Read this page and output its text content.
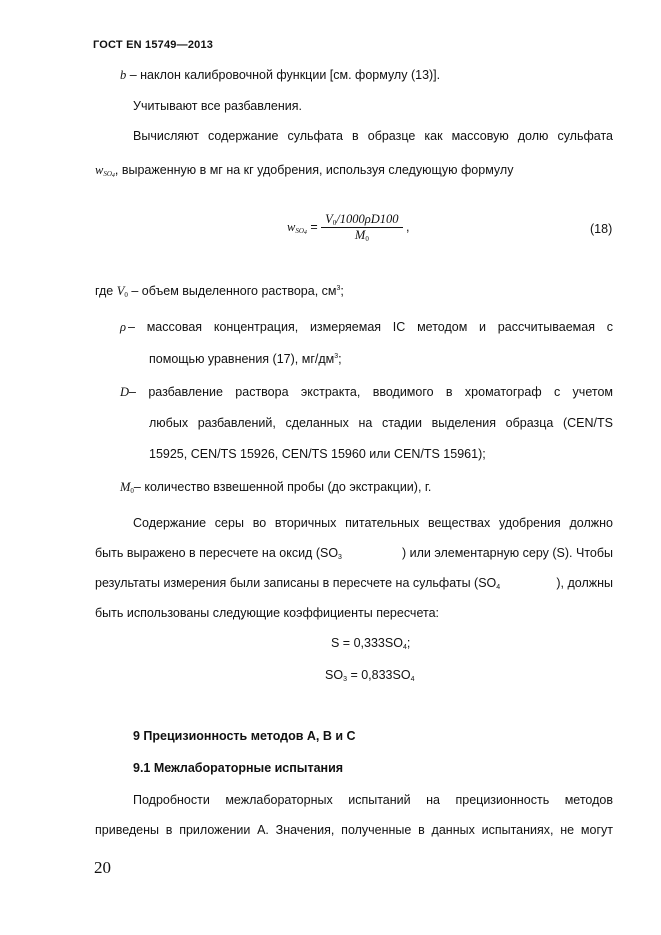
ГОСТ EN 15749—2013
b – наклон калибровочной функции [см. формулу (13)].
Учитывают все разбавления.
Вычисляют содержание сульфата в образце как массовую долю сульфата
$w_{SO4}$, выраженную в мг на кг удобрения, используя следующую формулу
$w_{SO4} = \frac{V_0/1000\rho D100}{M_0}$ ,	(18)
где $V_0$ – объем выделенного раствора, $см^3$;
ρ – массовая концентрация, измеряемая IC методом и рассчитываемая с
помощью уравнения (17), $мг/дм^3$;
D – разбавление раствора экстракта, вводимого в хроматограф с учетом
любых разбавлений, сделанных на стадии выделения образца (CEN/TS
15925, CEN/TS 15926, CEN/TS 15960 или CEN/TS 15961);
$M_0-$ количество взвешенной пробы (до экстракции), г.
Содержание серы во вторичных питательных веществах удобрения должно
быть выражено в пересчете на оксид ($SO_3$	) или элементарную серу (S). Чтобы
результаты измерения были записаны в пересчете на сульфаты ($SO_4$	), должны
быть использованы следующие коэффициенты пересчета:
$S = 0,333SO_4$;
$SO_3 = 0,833SO_4$
9 Прецизионность методов А, В и С
9.1 Межлабораторные испытания
Подробности межлабораторных испытаний на прецизионность методов
приведены в приложении А. Значения, полученные в данных испытаниях, не могут
20
